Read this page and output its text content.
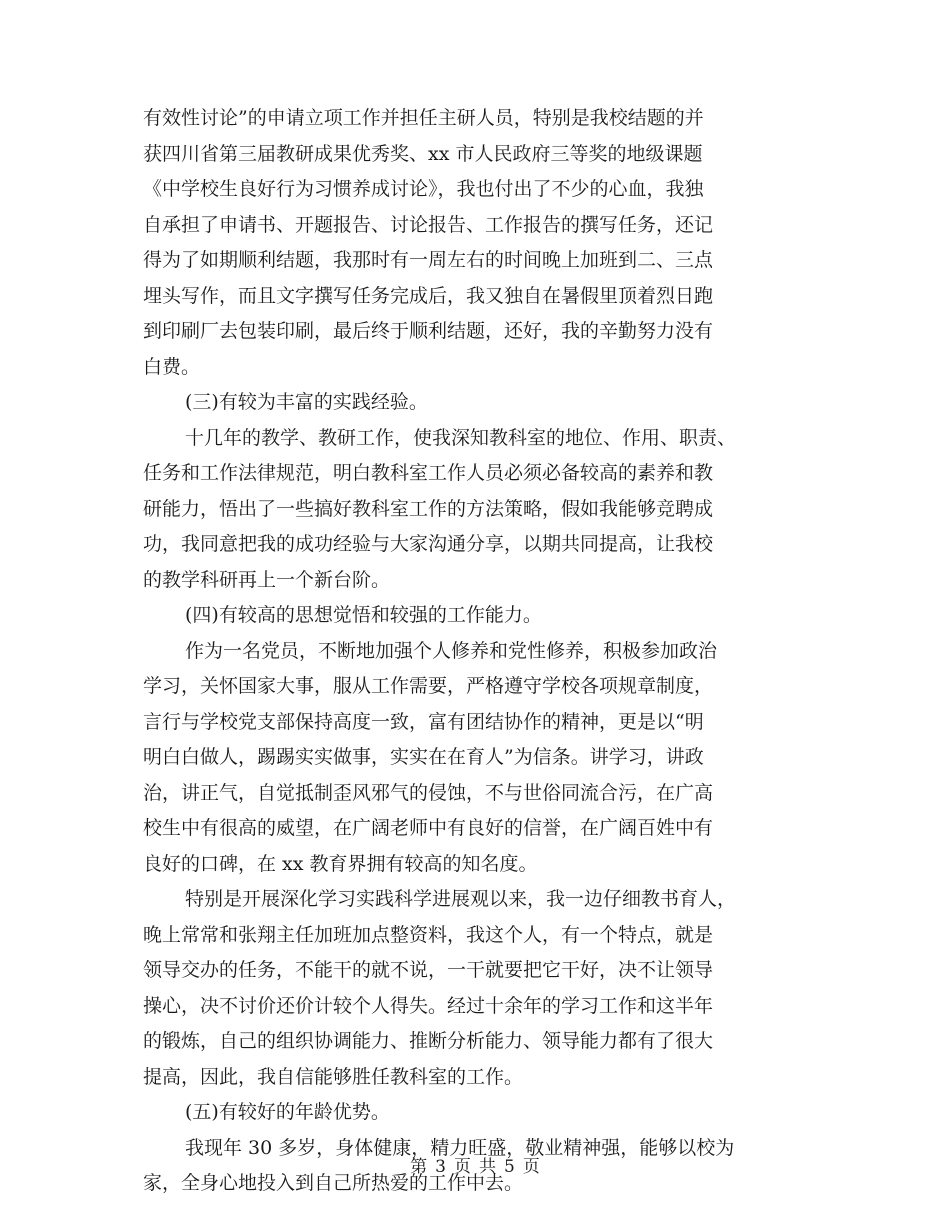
有效性讨论”的申请立项工作并担任主研人员，特别是我校结题的并
获四川省第三届教研成果优秀奖、xx 市人民政府三等奖的地级课题
《中学校生良好行为习惯养成讨论》，我也付出了不少的心血，我独
自承担了申请书、开题报告、讨论报告、工作报告的撰写任务，还记
得为了如期顺利结题，我那时有一周左右的时间晚上加班到二、三点
埋头写作，而且文字撰写任务完成后，我又独自在暑假里顶着烈日跑
到印刷厂去包装印刷，最后终于顺利结题，还好，我的辛勤努力没有
白费。
(三)有较为丰富的实践经验。
十几年的教学、教研工作，使我深知教科室的地位、作用、职责、
任务和工作法律规范，明白教科室工作人员必须必备较高的素养和教
研能力，悟出了一些搞好教科室工作的方法策略，假如我能够竞聘成
功，我同意把我的成功经验与大家沟通分享，以期共同提高，让我校
的教学科研再上一个新台阶。
(四)有较高的思想觉悟和较强的工作能力。
作为一名党员，不断地加强个人修养和党性修养，积极参加政治
学习，关怀国家大事，服从工作需要，严格遵守学校各项规章制度，
言行与学校党支部保持高度一致，富有团结协作的精神，更是以“明
明白白做人，踢踢实实做事，实实在在育人”为信条。讲学习，讲政
治，讲正气，自觉抵制歪风邪气的侵蚀，不与世俗同流合污，在广高
校生中有很高的威望，在广阔老师中有良好的信誉，在广阔百姓中有
良好的口碑，在 xx 教育界拥有较高的知名度。
特别是开展深化学习实践科学进展观以来，我一边仔细教书育人，
晚上常常和张翔主任加班加点整资料，我这个人，有一个特点，就是
领导交办的任务，不能干的就不说，一干就要把它干好，决不让领导
操心，决不讨价还价计较个人得失。经过十余年的学习工作和这半年
的锻炼，自己的组织协调能力、推断分析能力、领导能力都有了很大
提高，因此，我自信能够胜任教科室的工作。
(五)有较好的年龄优势。
我现年 30 多岁，身体健康，精力旺盛，敬业精神强，能够以校为
家，全身心地投入到自己所热爱的工作中去。
第 3 页 共 5 页
